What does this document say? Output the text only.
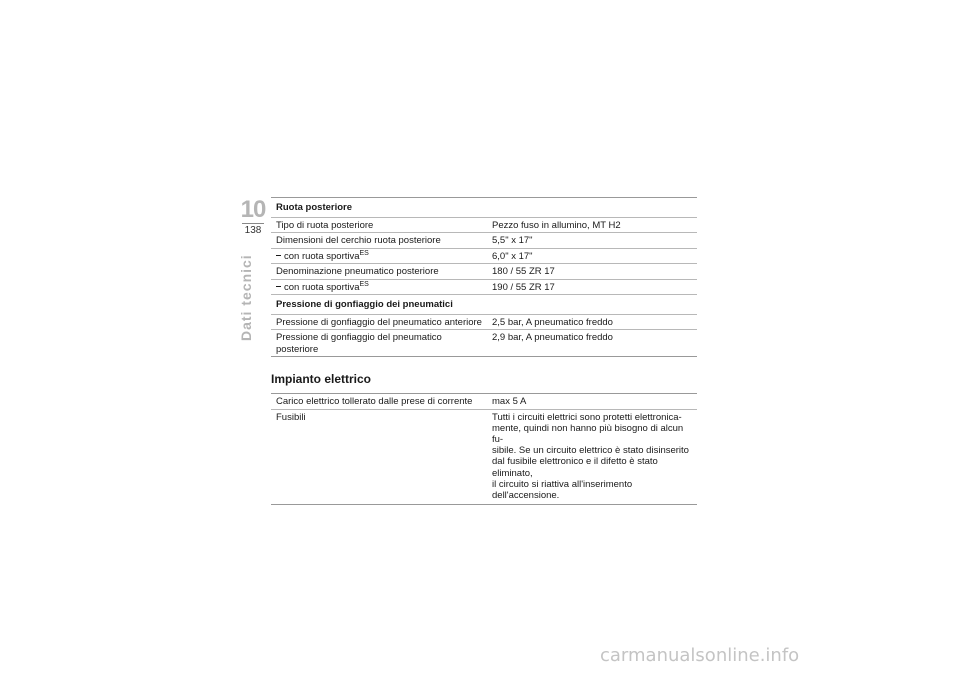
10
138
Dati tecnici
Ruota posteriore	
Tipo di ruota posteriore	Pezzo fuso in allumino, MT H2
Dimensioni del cerchio ruota posteriore	5,5" x 17"
con ruota sportiva$^{ES}$	6,0" x 17"
Denominazione pneumatico posteriore	180 / 55 ZR 17
con ruota sportiva$^{ES}$	190 / 55 ZR 17
Pressione di gonfiaggio dei pneumatici	
Pressione di gonfiaggio del pneumatico anteriore	2,5 bar, A pneumatico freddo
Pressione di gonfiaggio del pneumatico posteriore	2,9 bar, A pneumatico freddo
Impianto elettrico
Carico elettrico tollerato dalle prese di corrente	max 5 A
Fusibili	Tutti i circuiti elettrici sono protetti elettronica-
mente, quindi non hanno più bisogno di alcun fu-
sibile. Se un circuito elettrico è stato disinserito
dal fusibile elettronico e il difetto è stato eliminato,
il circuito si riattiva all'inserimento dell'accensione.
carmanualsonline.info
